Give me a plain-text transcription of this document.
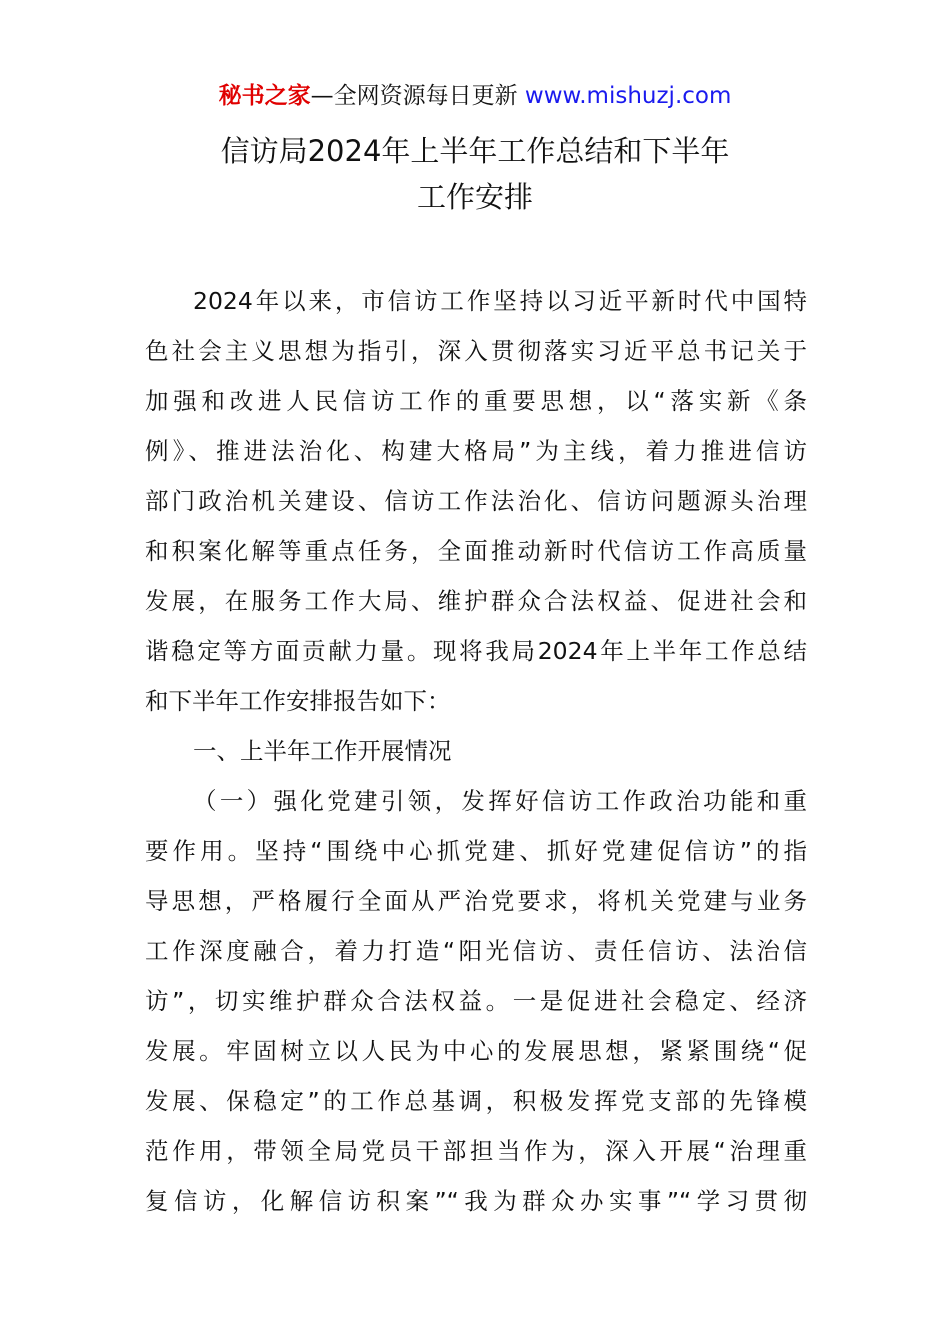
秘书之家—全网资源每日更新 www.mishuzj.com
信访局2024年上半年工作总结和下半年
工作安排
2024年以来，市信访工作坚持以习近平新时代中国特
色社会主义思想为指引，深入贯彻落实习近平总书记关于
加强和改进人民信访工作的重要思想，以“落实新《条
例》、推进法治化、构建大格局”为主线，着力推进信访
部门政治机关建设、信访工作法治化、信访问题源头治理
和积案化解等重点任务，全面推动新时代信访工作高质量
发展，在服务工作大局、维护群众合法权益、促进社会和
谐稳定等方面贡献力量。现将我局2024年上半年工作总结
和下半年工作安排报告如下：
一、上半年工作开展情况
（一）强化党建引领，发挥好信访工作政治功能和重
要作用。坚持“围绕中心抓党建、抓好党建促信访”的指
导思想，严格履行全面从严治党要求，将机关党建与业务
工作深度融合，着力打造“阳光信访、责任信访、法治信
访”，切实维护群众合法权益。一是促进社会稳定、经济
发展。牢固树立以人民为中心的发展思想，紧紧围绕“促
发展、保稳定”的工作总基调，积极发挥党支部的先锋模
范作用，带领全局党员干部担当作为，深入开展“治理重
复信访，化解信访积案”“我为群众办实事”“学习贯彻
